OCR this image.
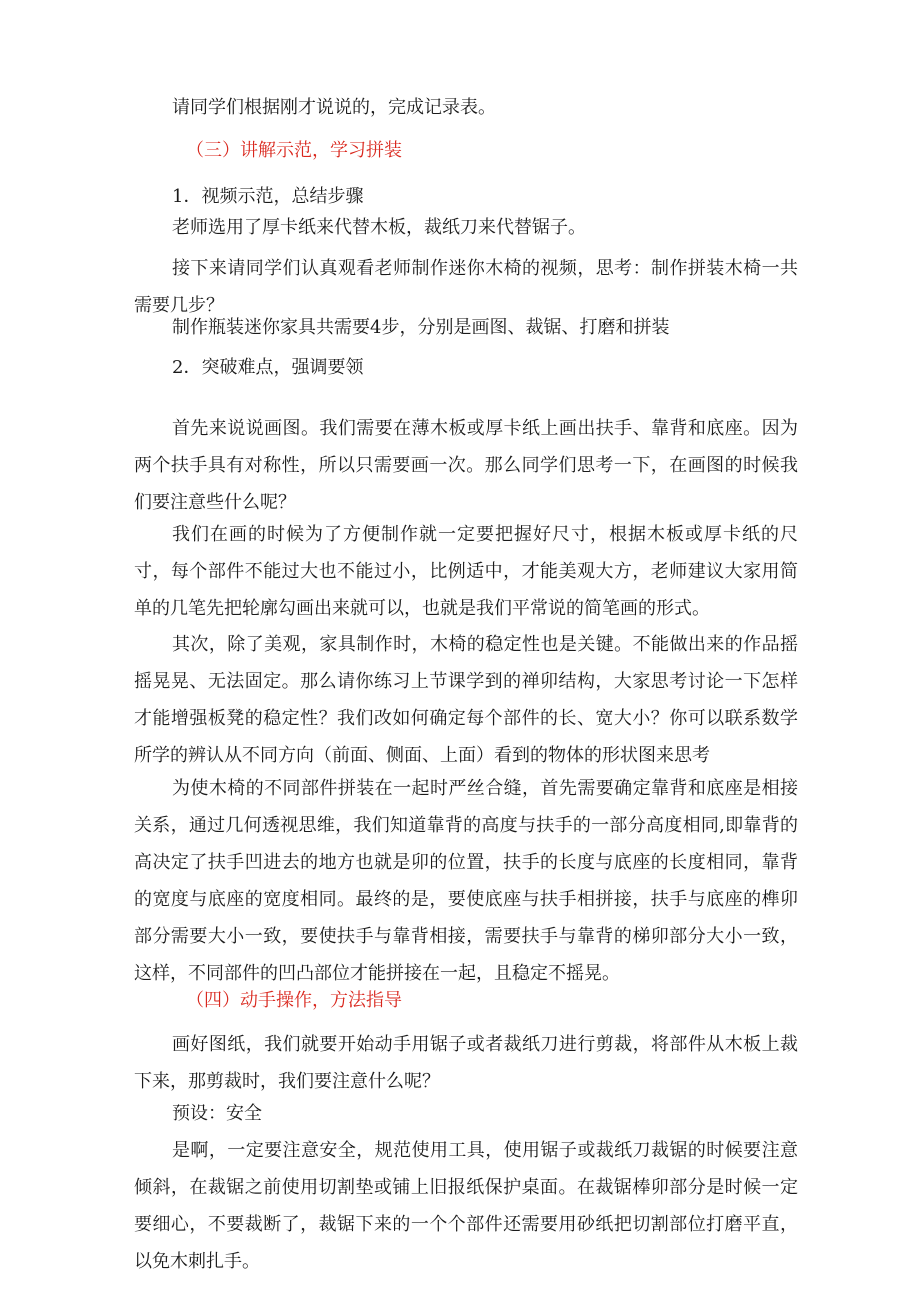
请同学们根据刚才说说的，完成记录表。
（三）讲解示范，学习拼装
1．视频示范，总结步骤
老师选用了厚卡纸来代替木板，裁纸刀来代替锯子。

接下来请同学们认真观看老师制作迷你木椅的视频，思考：制作拼装木椅一共需要几步？

制作瓶装迷你家具共需要4步，分别是画图、裁锯、打磨和拼装
2．突破难点，强调要领

首先来说说画图。我们需要在薄木板或厚卡纸上画出扶手、靠背和底座。因为两个扶手具有对称性，所以只需要画一次。那么同学们思考一下，在画图的时候我们要注意些什么呢？

我们在画的时候为了方便制作就一定要把握好尺寸，根据木板或厚卡纸的尺寸，每个部件不能过大也不能过小，比例适中，才能美观大方，老师建议大家用简单的几笔先把轮廓勾画出来就可以，也就是我们平常说的简笔画的形式。

其次，除了美观，家具制作时，木椅的稳定性也是关键。不能做出来的作品摇摇晃晃、无法固定。那么请你练习上节课学到的禅卯结构，大家思考讨论一下怎样才能增强板凳的稳定性？我们改如何确定每个部件的长、宽大小？你可以联系数学所学的辨认从不同方向（前面、侧面、上面）看到的物体的形状图来思考

为使木椅的不同部件拼装在一起时严丝合缝，首先需要确定靠背和底座是相接关系，通过几何透视思维，我们知道靠背的高度与扶手的一部分高度相同,即靠背的高决定了扶手凹进去的地方也就是卯的位置，扶手的长度与底座的长度相同，靠背的宽度与底座的宽度相同。最终的是，要使底座与扶手相拼接，扶手与底座的榫卯部分需要大小一致，要使扶手与靠背相接，需要扶手与靠背的梯卯部分大小一致，这样，不同部件的凹凸部位才能拼接在一起，且稳定不摇晃。

（四）动手操作，方法指导

画好图纸，我们就要开始动手用锯子或者裁纸刀进行剪裁，将部件从木板上裁下来，那剪裁时，我们要注意什么呢？

预设：安全

是啊，一定要注意安全，规范使用工具，使用锯子或裁纸刀裁锯的时候要注意倾斜，在裁锯之前使用切割垫或铺上旧报纸保护桌面。在裁锯棒卯部分是时候一定要细心，不要裁断了，裁锯下来的一个个部件还需要用砂纸把切割部位打磨平直，以免木刺扎手。
